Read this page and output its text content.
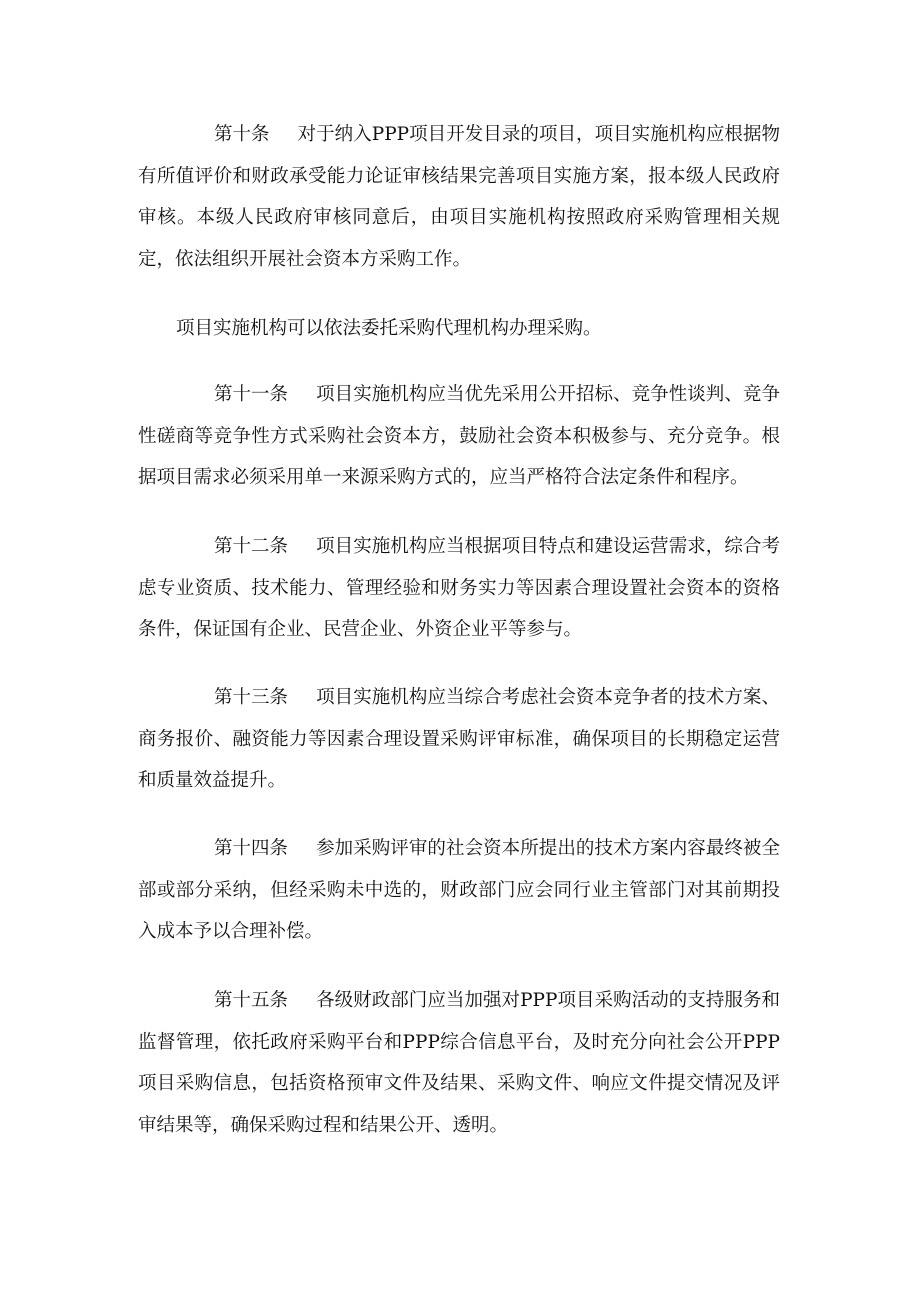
第十条 对于纳入PPP项目开发目录的项目，项目实施机构应根据物有所值评价和财政承受能力论证审核结果完善项目实施方案，报本级人民政府审核。本级人民政府审核同意后，由项目实施机构按照政府采购管理相关规定，依法组织开展社会资本方采购工作。

项目实施机构可以依法委托采购代理机构办理采购。

第十一条 项目实施机构应当优先采用公开招标、竞争性谈判、竞争性磋商等竞争性方式采购社会资本方，鼓励社会资本积极参与、充分竞争。根据项目需求必须采用单一来源采购方式的，应当严格符合法定条件和程序。

第十二条 项目实施机构应当根据项目特点和建设运营需求，综合考虑专业资质、技术能力、管理经验和财务实力等因素合理设置社会资本的资格条件，保证国有企业、民营企业、外资企业平等参与。

第十三条 项目实施机构应当综合考虑社会资本竞争者的技术方案、商务报价、融资能力等因素合理设置采购评审标准，确保项目的长期稳定运营和质量效益提升。

第十四条 参加采购评审的社会资本所提出的技术方案内容最终被全部或部分采纳，但经采购未中选的，财政部门应会同行业主管部门对其前期投入成本予以合理补偿。

第十五条 各级财政部门应当加强对PPP项目采购活动的支持服务和监督管理，依托政府采购平台和PPP综合信息平台，及时充分向社会公开PPP项目采购信息，包括资格预审文件及结果、采购文件、响应文件提交情况及评审结果等，确保采购过程和结果公开、透明。
